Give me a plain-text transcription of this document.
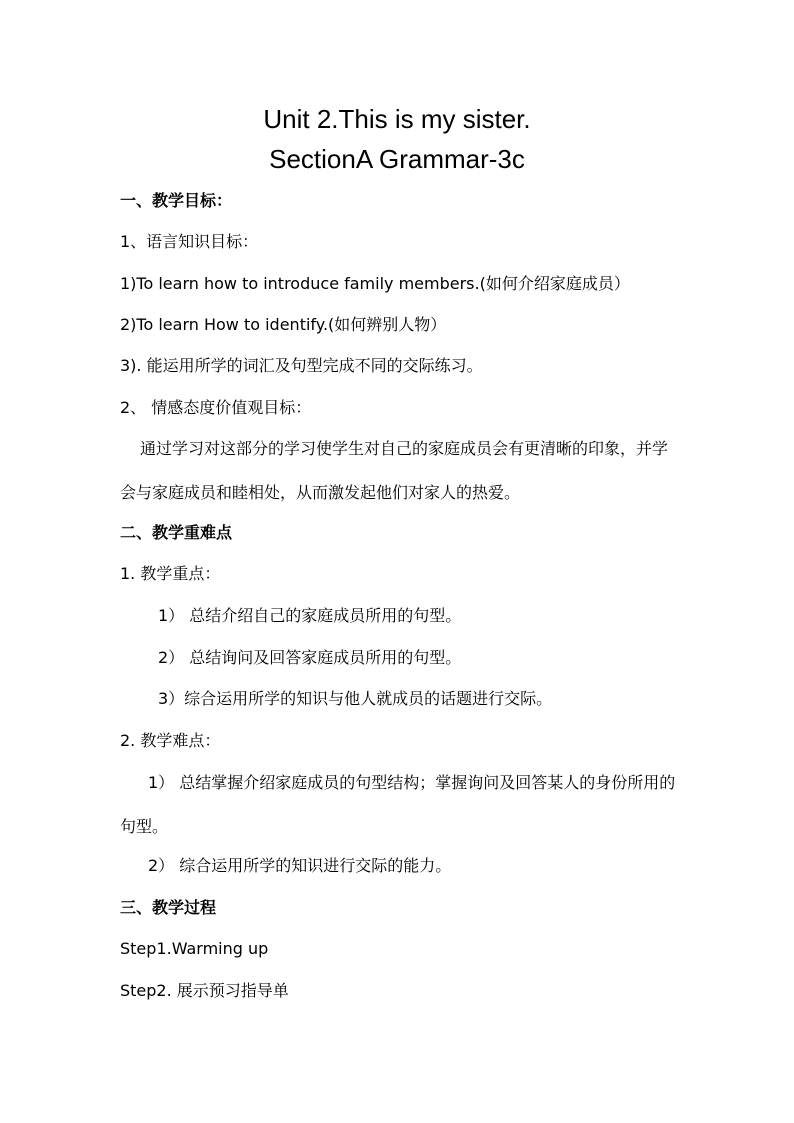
Unit 2.This is my sister.
SectionA Grammar-3c
一、教学目标：
1、语言知识目标：
1)To learn how to introduce family members.(如何介绍家庭成员）
2)To learn How to identify.(如何辨别人物）
3). 能运用所学的词汇及句型完成不同的交际练习。
2、 情感态度价值观目标：
通过学习对这部分的学习使学生对自己的家庭成员会有更清晰的印象，并学会与家庭成员和睦相处，从而激发起他们对家人的热爱。
二、教学重难点
1. 教学重点：
1） 总结介绍自己的家庭成员所用的句型。
2） 总结询问及回答家庭成员所用的句型。
3）综合运用所学的知识与他人就成员的话题进行交际。
2. 教学难点：
1） 总结掌握介绍家庭成员的句型结构；掌握询问及回答某人的身份所用的句型。
2） 综合运用所学的知识进行交际的能力。
三、教学过程
Step1.Warming up
Step2. 展示预习指导单
